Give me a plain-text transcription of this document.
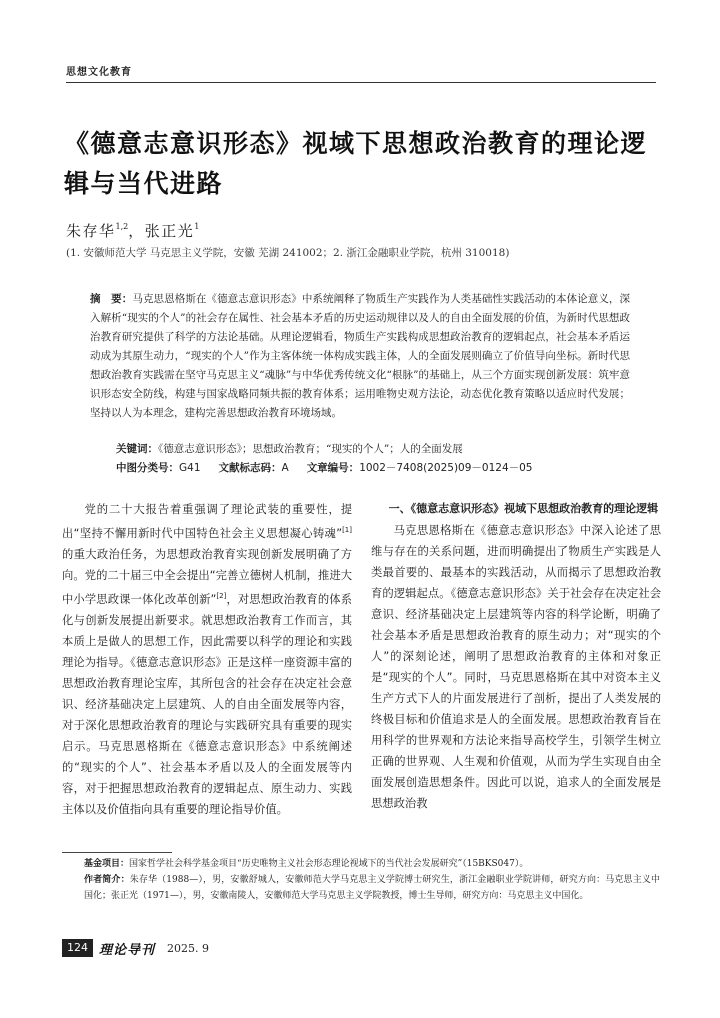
思想文化教育
《德意志意识形态》视域下思想政治教育的理论逻辑与当代进路
朱存华$^{1,2}$，张正光$^1$
(1. 安徽师范大学 马克思主义学院，安徽 芜湖 241002；2. 浙江金融职业学院，杭州 310018)
摘　要：马克思恩格斯在《德意志意识形态》中系统阐释了物质生产实践作为人类基础性实践活动的本体论意义，深入解析“现实的个人”的社会存在属性、社会基本矛盾的历史运动规律以及人的自由全面发展的价值，为新时代思想政治教育研究提供了科学的方法论基础。从理论逻辑看，物质生产实践构成思想政治教育的逻辑起点，社会基本矛盾运动成为其原生动力，“现实的个人”作为主客体统一体构成实践主体，人的全面发展则确立了价值导向坐标。新时代思想政治教育实践需在坚守马克思主义“魂脉”与中华优秀传统文化“根脉”的基础上，从三个方面实现创新发展：筑牢意识形态安全防线，构建与国家战略同频共振的教育体系；运用唯物史观方法论，动态优化教育策略以适应时代发展；坚持以人为本理念，建构完善思想政治教育环境场域。
关键词：《德意志意识形态》；思想政治教育；“现实的个人”；人的全面发展
中图分类号：G41 文献标志码：A 文章编号：1002－7408(2025)09－0124－05

党的二十大报告着重强调了理论武装的重要性，提出“坚持不懈用新时代中国特色社会主义思想凝心铸魂”[1]的重大政治任务，为思想政治教育实现创新发展明确了方向。党的二十届三中全会提出“完善立德树人机制，推进大中小学思政课一体化改革创新”[2]，对思想政治教育的体系化与创新发展提出新要求。就思想政治教育工作而言，其本质上是做人的思想工作，因此需要以科学的理论和实践理论为指导。《德意志意识形态》正是这样一座资源丰富的思想政治教育理论宝库，其所包含的社会存在决定社会意识、经济基础决定上层建筑、人的自由全面发展等内容，对于深化思想政治教育的理论与实践研究具有重要的现实启示。马克思恩格斯在《德意志意识形态》中系统阐述的“现实的个人”、社会基本矛盾以及人的全面发展等内容，对于把握思想政治教育的逻辑起点、原生动力、实践主体以及价值指向具有重要的理论指导价值。

一、《德意志意识形态》视域下思想政治教育的理论逻辑

马克思恩格斯在《德意志意识形态》中深入论述了思维与存在的关系问题，进而明确提出了物质生产实践是人类最首要的、最基本的实践活动，从而揭示了思想政治教育的逻辑起点。《德意志意识形态》关于社会存在决定社会意识、经济基础决定上层建筑等内容的科学论断，明确了社会基本矛盾是思想政治教育的原生动力；对“现实的个人”的深刻论述，阐明了思想政治教育的主体和对象正是“现实的个人”。同时，马克思恩格斯在其中对资本主义生产方式下人的片面发展进行了剖析，提出了人类发展的终极目标和价值追求是人的全面发展。思想政治教育旨在用科学的世界观和方法论来指导高校学生，引领学生树立正确的世界观、人生观和价值观，从而为学生实现自由全面发展创造思想条件。因此可以说，追求人的全面发展是思想政治教

基金项目：国家哲学社会科学基金项目“历史唯物主义社会形态理论视域下的当代社会发展研究”（15BKS047）。
作者简介：朱存华（1988—），男，安徽舒城人，安徽师范大学马克思主义学院博士研究生，浙江金融职业学院讲师，研究方向：马克思主义中国化；张正光（1971—），男，安徽南陵人，安徽师范大学马克思主义学院教授，博士生导师，研究方向：马克思主义中国化。
124 理论导刊 2025. 9
